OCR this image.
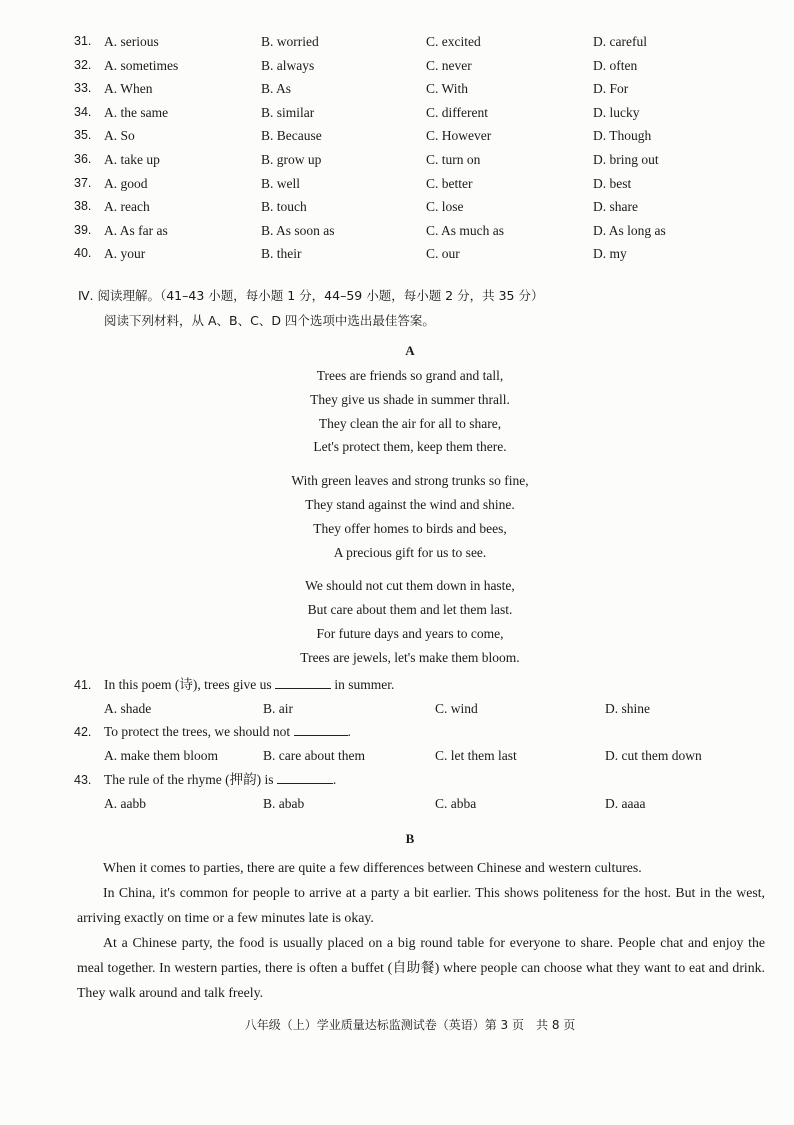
31. A. serious	B. worried	C. excited	D. careful
32. A. sometimes	B. always	C. never	D. often
33. A. When	B. As	C. With	D. For
34. A. the same	B. similar	C. different	D. lucky
35. A. So	B. Because	C. However	D. Though
36. A. take up	B. grow up	C. turn on	D. bring out
37. A. good	B. well	C. better	D. best
38. A. reach	B. touch	C. lose	D. share
39. A. As far as	B. As soon as	C. As much as	D. As long as
40. A. your	B. their	C. our	D. my
Ⅳ. 阅读理解。（41–43 小题，每小题 1 分，44–59 小题，每小题 2 分，共 35 分）
阅读下列材料，从 A、B、C、D 四个选项中选出最佳答案。
A
Trees are friends so grand and tall,
They give us shade in summer thrall.
They clean the air for all to share,
Let's protect them, keep them there.
With green leaves and strong trunks so fine,
They stand against the wind and shine.
They offer homes to birds and bees,
A precious gift for us to see.
We should not cut them down in haste,
But care about them and let them last.
For future days and years to come,
Trees are jewels, let's make them bloom.
41. In this poem (诗), trees give us	in summer.
A. shade	B. air	C. wind	D. shine
42. To protect the trees, we should not	.
A. make them bloom	B. care about them	C. let them last	D. cut them down
43. The rule of the rhyme (押韵) is	.
A. aabb	B. abab	C. abba	D. aaaa
B

When it comes to parties, there are quite a few differences between Chinese and western cultures.

In China, it's common for people to arrive at a party a bit earlier. This shows politeness for the host. But in the west, arriving exactly on time or a few minutes late is okay.

At a Chinese party, the food is usually placed on a big round table for everyone to share. People chat and enjoy the meal together. In western parties, there is often a buffet (自助餐) where people can choose what they want to eat and drink. They walk around and talk freely.

八年级（上）学业质量达标监测试卷（英语）第 3 页　共 8 页
